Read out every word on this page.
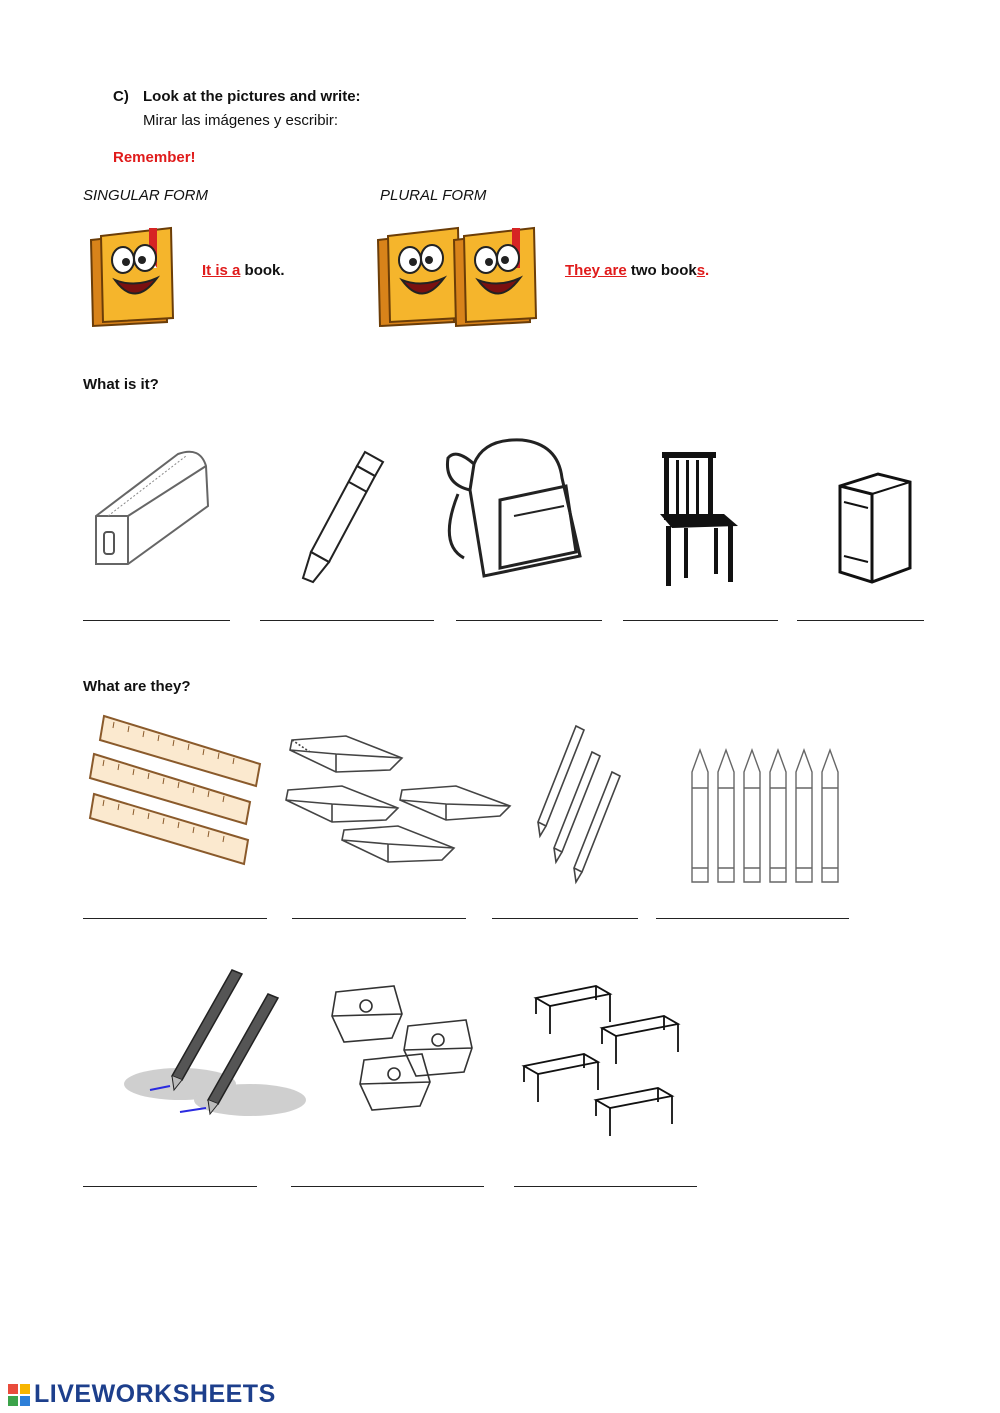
C) Look at the pictures and write:
Mirar las imágenes y escribir:
Remember!
SINGULAR FORM	PLURAL FORM
It is a book.	They are two books.
What is it?
What are they?
LIVEWORKSHEETS
